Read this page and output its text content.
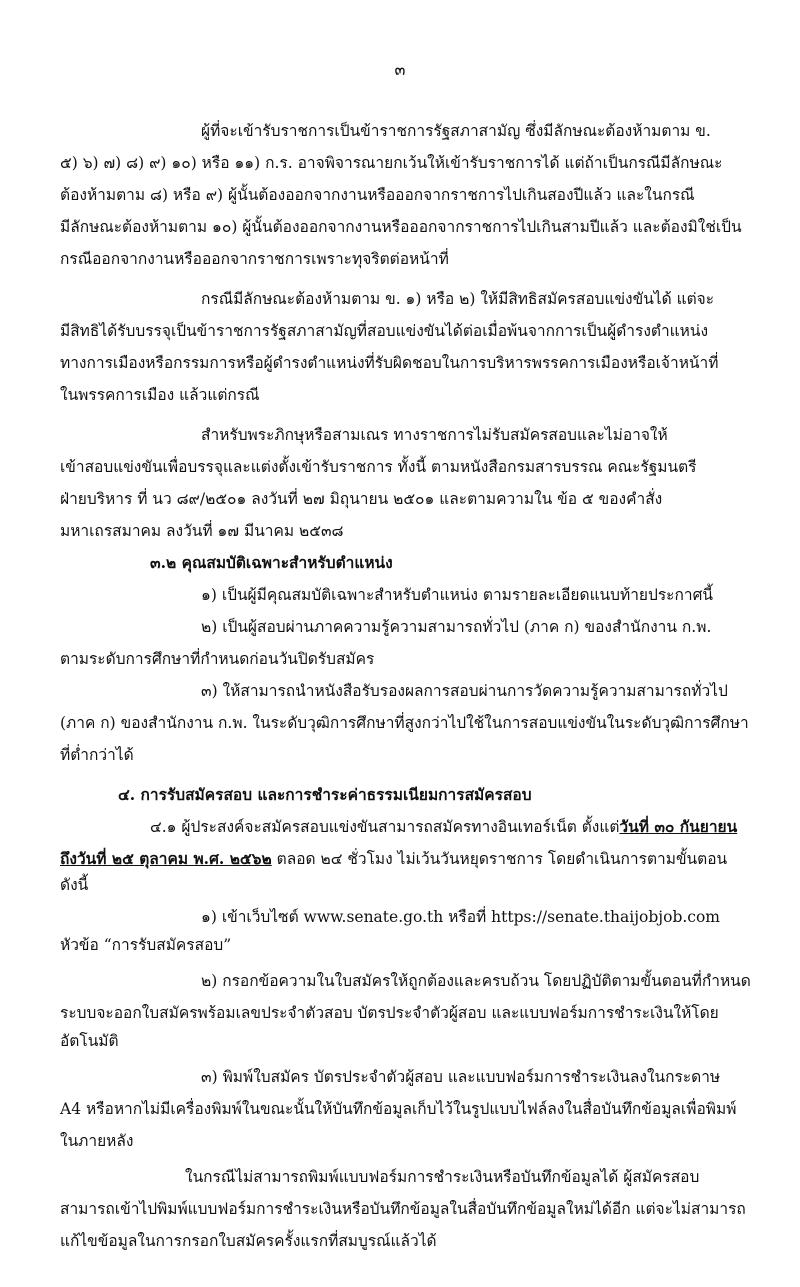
๓
ผู้ที่จะเข้ารับราชการเป็นข้าราชการรัฐสภาสามัญ ซึ่งมีลักษณะต้องห้ามตาม ข.
๕) ๖) ๗) ๘) ๙) ๑๐) หรือ ๑๑) ก.ร. อาจพิจารณายกเว้นให้เข้ารับราชการได้ แต่ถ้าเป็นกรณีมีลักษณะ
ต้องห้ามตาม ๘) หรือ ๙) ผู้นั้นต้องออกจากงานหรือออกจากราชการไปเกินสองปีแล้ว และในกรณี
มีลักษณะต้องห้ามตาม ๑๐) ผู้นั้นต้องออกจากงานหรือออกจากราชการไปเกินสามปีแล้ว และต้องมิใช่เป็น
กรณีออกจากงานหรือออกจากราชการเพราะทุจริตต่อหน้าที่
กรณีมีลักษณะต้องห้ามตาม ข. ๑) หรือ ๒) ให้มีสิทธิสมัครสอบแข่งขันได้ แต่จะ
มีสิทธิได้รับบรรจุเป็นข้าราชการรัฐสภาสามัญที่สอบแข่งขันได้ต่อเมื่อพ้นจากการเป็นผู้ดำรงตำแหน่ง
ทางการเมืองหรือกรรมการหรือผู้ดำรงตำแหน่งที่รับผิดชอบในการบริหารพรรคการเมืองหรือเจ้าหน้าที่
ในพรรคการเมือง แล้วแต่กรณี
สำหรับพระภิกษุหรือสามเณร ทางราชการไม่รับสมัครสอบและไม่อาจให้
เข้าสอบแข่งขันเพื่อบรรจุและแต่งตั้งเข้ารับราชการ ทั้งนี้ ตามหนังสือกรมสารบรรณ คณะรัฐมนตรี
ฝ่ายบริหาร ที่ นว ๘๙/๒๕๐๑ ลงวันที่ ๒๗ มิถุนายน ๒๕๐๑ และตามความใน ข้อ ๕ ของคำสั่ง
มหาเถรสมาคม ลงวันที่ ๑๗ มีนาคม ๒๕๓๘
๓.๒ คุณสมบัติเฉพาะสำหรับตำแหน่ง
๑) เป็นผู้มีคุณสมบัติเฉพาะสำหรับตำแหน่ง ตามรายละเอียดแนบท้ายประกาศนี้
๒) เป็นผู้สอบผ่านภาคความรู้ความสามารถทั่วไป (ภาค ก) ของสำนักงาน ก.พ.
ตามระดับการศึกษาที่กำหนดก่อนวันปิดรับสมัคร
๓) ให้สามารถนำหนังสือรับรองผลการสอบผ่านการวัดความรู้ความสามารถทั่วไป
(ภาค ก) ของสำนักงาน ก.พ. ในระดับวุฒิการศึกษาที่สูงกว่าไปใช้ในการสอบแข่งขันในระดับวุฒิการศึกษา
ที่ต่ำกว่าได้
๔. การรับสมัครสอบ และการชำระค่าธรรมเนียมการสมัครสอบ
๔.๑ ผู้ประสงค์จะสมัครสอบแข่งขันสามารถสมัครทางอินเทอร์เน็ต ตั้งแต่วันที่ ๓๐ กันยายน
ถึงวันที่ ๒๕ ตุลาคม พ.ศ. ๒๕๖๒ ตลอด ๒๔ ชั่วโมง ไม่เว้นวันหยุดราชการ โดยดำเนินการตามขั้นตอน
ดังนี้
๑) เข้าเว็บไซต์ www.senate.go.th หรือที่ https://senate.thaijobjob.com
หัวข้อ “การรับสมัครสอบ”
๒) กรอกข้อความในใบสมัครให้ถูกต้องและครบถ้วน โดยปฏิบัติตามขั้นตอนที่กำหนด
ระบบจะออกใบสมัครพร้อมเลขประจำตัวสอบ บัตรประจำตัวผู้สอบ และแบบฟอร์มการชำระเงินให้โดย
อัตโนมัติ
๓) พิมพ์ใบสมัคร บัตรประจำตัวผู้สอบ และแบบฟอร์มการชำระเงินลงในกระดาษ
A4 หรือหากไม่มีเครื่องพิมพ์ในขณะนั้นให้บันทึกข้อมูลเก็บไว้ในรูปแบบไฟล์ลงในสื่อบันทึกข้อมูลเพื่อพิมพ์
ในภายหลัง
ในกรณีไม่สามารถพิมพ์แบบฟอร์มการชำระเงินหรือบันทึกข้อมูลได้ ผู้สมัครสอบ
สามารถเข้าไปพิมพ์แบบฟอร์มการชำระเงินหรือบันทึกข้อมูลในสื่อบันทึกข้อมูลใหม่ได้อีก แต่จะไม่สามารถ
แก้ไขข้อมูลในการกรอกใบสมัครครั้งแรกที่สมบูรณ์แล้วได้
